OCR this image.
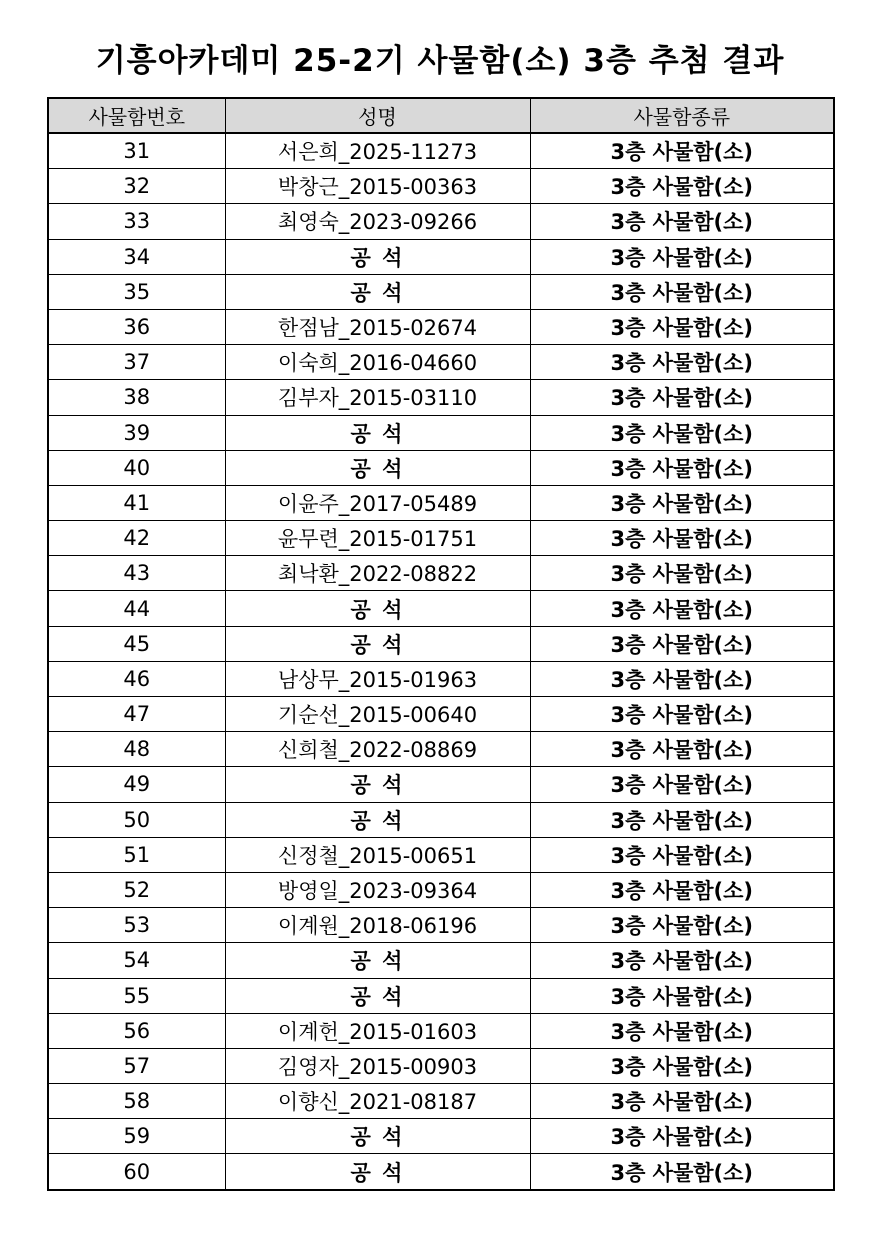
기흥아카데미 25-2기 사물함(소) 3층 추첨 결과
사물함번호	성명	사물함종류
31	서은희_2025-11273	3층 사물함(소)
32	박창근_2015-00363	3층 사물함(소)
33	최영숙_2023-09266	3층 사물함(소)
34	공 석	3층 사물함(소)
35	공 석	3층 사물함(소)
36	한점남_2015-02674	3층 사물함(소)
37	이숙희_2016-04660	3층 사물함(소)
38	김부자_2015-03110	3층 사물함(소)
39	공 석	3층 사물함(소)
40	공 석	3층 사물함(소)
41	이윤주_2017-05489	3층 사물함(소)
42	윤무련_2015-01751	3층 사물함(소)
43	최낙환_2022-08822	3층 사물함(소)
44	공 석	3층 사물함(소)
45	공 석	3층 사물함(소)
46	남상무_2015-01963	3층 사물함(소)
47	기순선_2015-00640	3층 사물함(소)
48	신희철_2022-08869	3층 사물함(소)
49	공 석	3층 사물함(소)
50	공 석	3층 사물함(소)
51	신정철_2015-00651	3층 사물함(소)
52	방영일_2023-09364	3층 사물함(소)
53	이계원_2018-06196	3층 사물함(소)
54	공 석	3층 사물함(소)
55	공 석	3층 사물함(소)
56	이계헌_2015-01603	3층 사물함(소)
57	김영자_2015-00903	3층 사물함(소)
58	이향신_2021-08187	3층 사물함(소)
59	공 석	3층 사물함(소)
60	공 석	3층 사물함(소)
